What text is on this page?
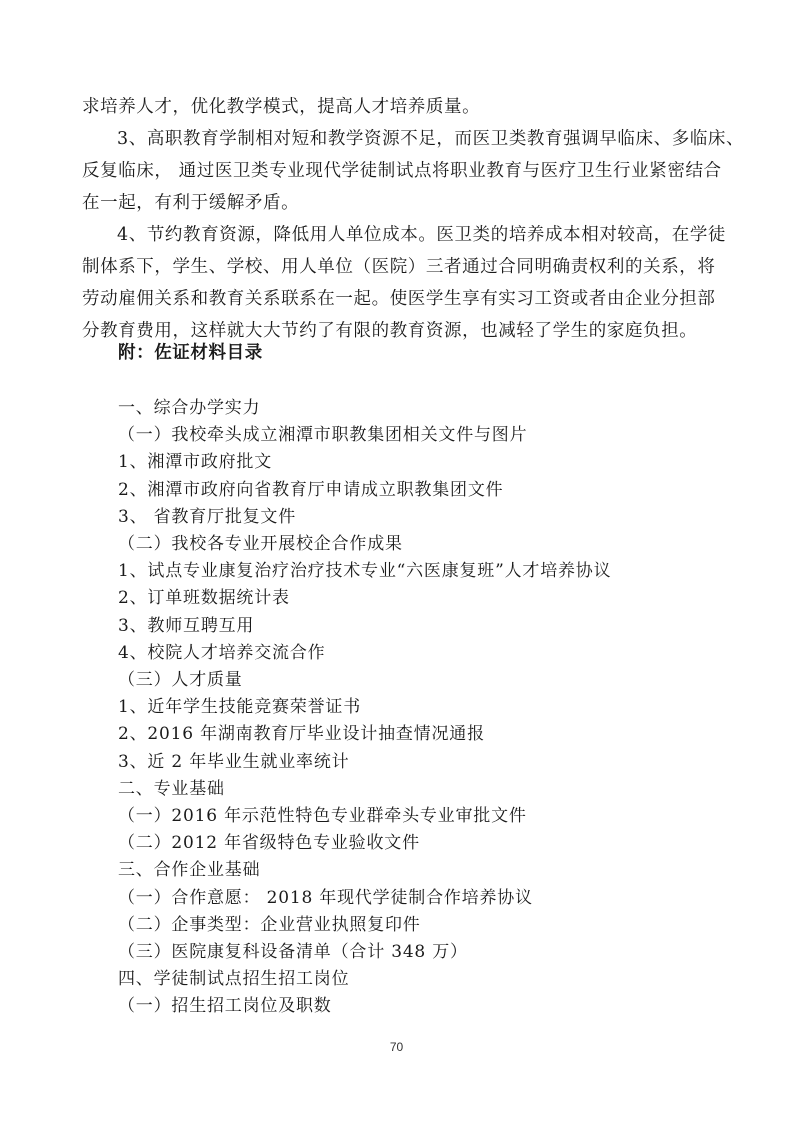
求培养人才，优化教学模式，提高人才培养质量。
3、高职教育学制相对短和教学资源不足，而医卫类教育强调早临床、多临床、
反复临床， 通过医卫类专业现代学徒制试点将职业教育与医疗卫生行业紧密结合
在一起，有利于缓解矛盾。
4、节约教育资源，降低用人单位成本。医卫类的培养成本相对较高，在学徒
制体系下，学生、学校、用人单位（医院）三者通过合同明确责权利的关系，将
劳动雇佣关系和教育关系联系在一起。使医学生享有实习工资或者由企业分担部
分教育费用，这样就大大节约了有限的教育资源，也减轻了学生的家庭负担。
附：佐证材料目录
一、综合办学实力
（一）我校牵头成立湘潭市职教集团相关文件与图片
1、湘潭市政府批文
2、湘潭市政府向省教育厅申请成立职教集团文件
3、 省教育厅批复文件
（二）我校各专业开展校企合作成果
1、试点专业康复治疗治疗技术专业“六医康复班”人才培养协议
2、订单班数据统计表
3、教师互聘互用
4、校院人才培养交流合作
（三）人才质量
1、近年学生技能竞赛荣誉证书
2、2016 年湖南教育厅毕业设计抽查情况通报
3、近 2 年毕业生就业率统计
二、专业基础
（一）2016 年示范性特色专业群牵头专业审批文件
（二）2012 年省级特色专业验收文件
三、合作企业基础
（一）合作意愿： 2018 年现代学徒制合作培养协议
（二）企事类型：企业营业执照复印件
（三）医院康复科设备清单（合计 348 万）
四、学徒制试点招生招工岗位
（一）招生招工岗位及职数
70
